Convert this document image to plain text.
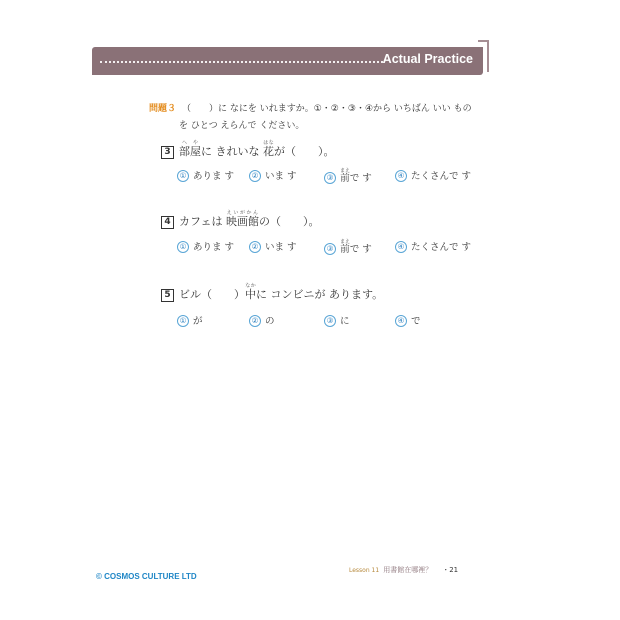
Actual Practice
問題３ （　　）に なにを いれますか。①・②・③・④から いちばん いい もの
を ひとつ えらんで ください。
3 部屋へやに きれいな 花はなが（　　）。
① ありま す	② いま す	③ 前まえで す	④ たくさんで す
4 カフェは 映画館えいがかんの（　　）。
① ありま す	② いま す	③ 前まえで す	④ たくさんで す
5 ビル（　　）中なかに コンビニが あります。
① が	② の	③ に	④ で
© COSMOS CULTURE LTD
Lesson 11 用書館在哪裡？ ・21
